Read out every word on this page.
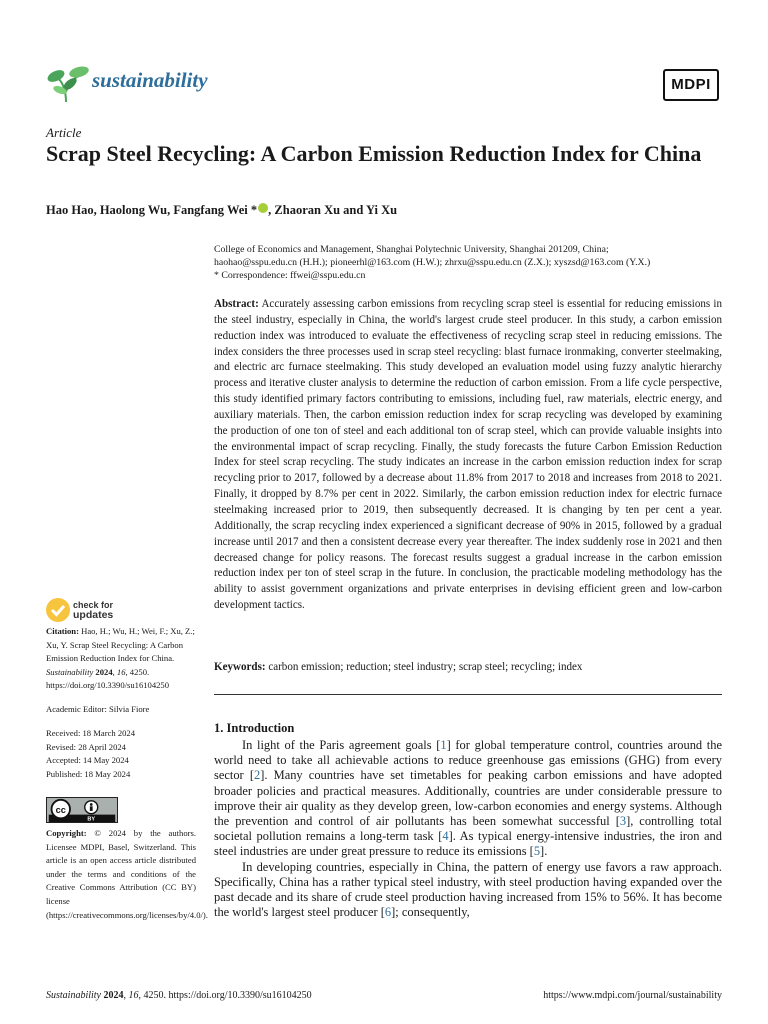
sustainability	MDPI
Article
Scrap Steel Recycling: A Carbon Emission Reduction Index for China
Hao Hao, Haolong Wu, Fangfang Wei * , Zhaoran Xu and Yi Xu
College of Economics and Management, Shanghai Polytechnic University, Shanghai 201209, China;
haohao@sspu.edu.cn (H.H.); pioneerhl@163.com (H.W.); zhrxu@sspu.edu.cn (Z.X.); xyszsd@163.com (Y.X.)
* Correspondence: ffwei@sspu.edu.cn
Abstract: Accurately assessing carbon emissions from recycling scrap steel is essential for reducing emissions in the steel industry, especially in China, the world's largest crude steel producer. In this study, a carbon emission reduction index was introduced to evaluate the effectiveness of recycling scrap steel in reducing emissions. The index considers the three processes used in scrap steel recycling: blast furnace ironmaking, converter steelmaking, and electric arc furnace steelmaking. This study developed an evaluation model using fuzzy analytic hierarchy process and iterative cluster analysis to determine the reduction of carbon emission. From a life cycle perspective, this study identified primary factors contributing to emissions, including fuel, raw materials, electric energy, and auxiliary materials. Then, the carbon emission reduction index for scrap recycling was developed by examining the production of one ton of steel and each additional ton of scrap steel, which can provide valuable insights into the environmental impact of scrap recycling. Finally, the study forecasts the future Carbon Emission Reduction Index for steel scrap recycling. The study indicates an increase in the carbon emission reduction index for scrap recycling prior to 2017, followed by a decrease about 11.8% from 2017 to 2018 and increases from 2018 to 2021. Finally, it dropped by 8.7% per cent in 2022. Similarly, the carbon emission reduction index for electric furnace steelmaking increased prior to 2019, then subsequently decreased. It is changing by ten per cent a year. Additionally, the scrap recycling index experienced a significant decrease of 90% in 2015, followed by a gradual increase until 2017 and then a consistent decrease every year thereafter. The index suddenly rose in 2021 and then decreased change for policy reasons. The forecast results suggest a gradual increase in the carbon emission reduction index per ton of steel scrap in the future. In conclusion, the practicable modeling methodology has the ability to assist government organizations and private enterprises in devising efficient green and low-carbon development tactics.
Keywords: carbon emission; reduction; steel industry; scrap steel; recycling; index
1. Introduction

In light of the Paris agreement goals [1] for global temperature control, countries around the world need to take all achievable actions to reduce greenhouse gas emissions (GHG) from every sector [2]. Many countries have set timetables for peaking carbon emissions and have adopted broader policies and practical measures. Additionally, countries are under considerable pressure to improve their air quality as they develop green, low-carbon economies and energy systems. Although the prevention and control of air pollutants has been somewhat successful [3], controlling total societal pollution remains a long-term task [4]. As typical energy-intensive industries, the iron and steel industries are under great pressure to reduce its emissions [5].

In developing countries, especially in China, the pattern of energy use favors a raw approach. Specifically, China has a rather typical steel industry, with steel production having expanded over the past decade and its share of crude steel production having increased from 15% to 56%. It has become the world's largest steel producer [6]; consequently,

check for
updates
Citation: Hao, H.; Wu, H.; Wei, F.; Xu, Z.; Xu, Y. Scrap Steel Recycling: A Carbon Emission Reduction Index for China. Sustainability 2024, 16, 4250. https://doi.org/10.3390/su16104250
Academic Editor: Silvia Fiore
Received: 18 March 2024
Revised: 28 April 2024
Accepted: 14 May 2024
Published: 18 May 2024
cc
BY
Copyright: © 2024 by the authors. Licensee MDPI, Basel, Switzerland. This article is an open access article distributed under the terms and conditions of the Creative Commons Attribution (CC BY) license (https://creativecommons.org/licenses/by/4.0/).
Sustainability 2024, 16, 4250. https://doi.org/10.3390/su16104250	https://www.mdpi.com/journal/sustainability
